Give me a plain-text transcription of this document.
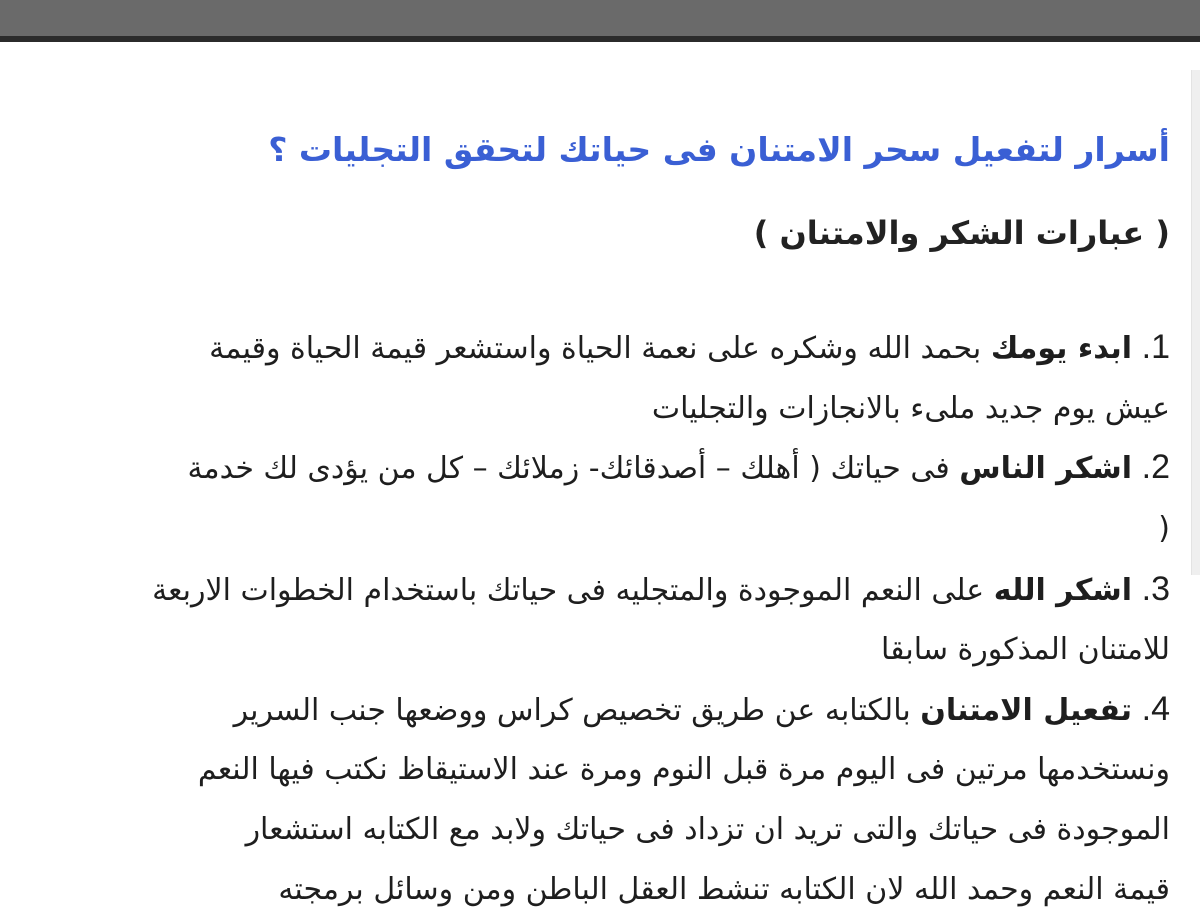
أسرار لتفعيل سحر الامتنان فى حياتك لتحقق التجليات ؟
( عبارات الشكر والامتنان )
1. ابدء يومك بحمد الله وشكره على نعمة الحياة واستشعر قيمة الحياة وقيمة
عيش يوم جديد ملىء بالانجازات والتجليات
2. اشكر الناس فى حياتك ( أهلك – أصدقائك- زملائك – كل من يؤدى لك خدمة
)
3. اشكر الله على النعم الموجودة والمتجليه فى حياتك باستخدام الخطوات الاربعة
للامتنان المذكورة سابقا
4. تفعيل الامتنان بالكتابه عن طريق تخصيص كراس ووضعها جنب السرير
ونستخدمها مرتين فى اليوم مرة قبل النوم ومرة عند الاستيقاظ نكتب فيها النعم
الموجودة فى حياتك والتى تريد ان تزداد فى حياتك ولابد مع الكتابه استشعار
قيمة النعم وحمد الله لان الكتابه تنشط العقل الباطن ومن وسائل برمجته
